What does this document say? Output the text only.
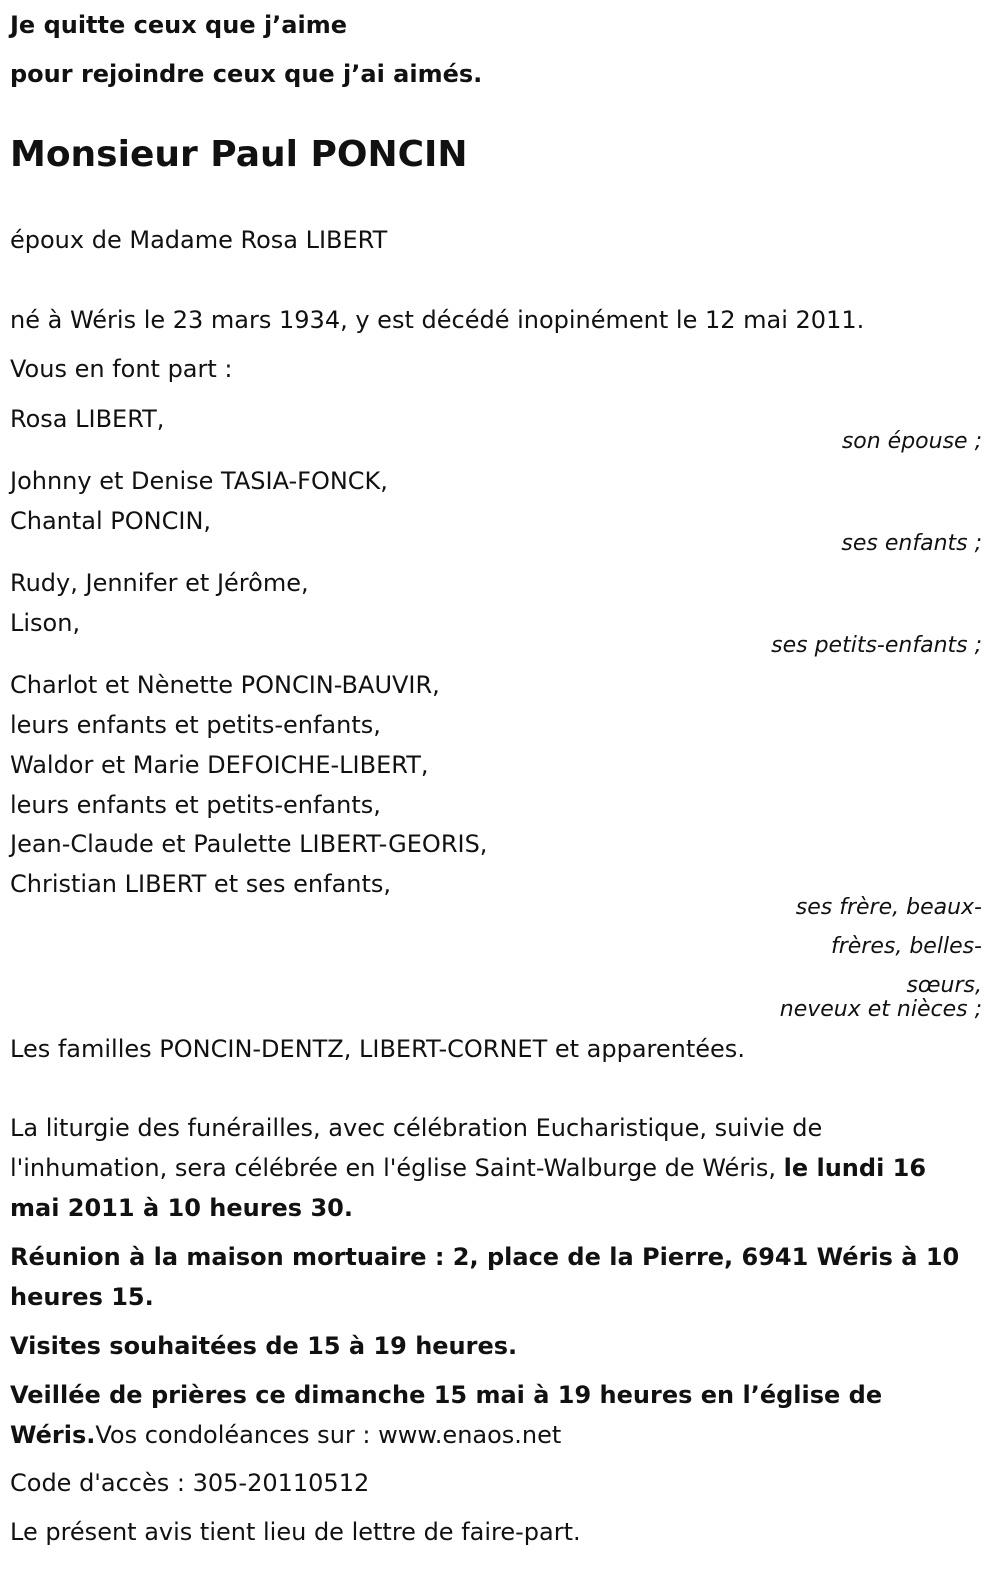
Je quitte ceux que j’aime

pour rejoindre ceux que j’ai aimés.

Monsieur Paul PONCIN

époux de Madame Rosa LIBERT

né à Wéris le 23 mars 1934, y est décédé inopinément le 12 mai 2011.

Vous en font part :

Rosa LIBERT,

son épouse ;

Johnny et Denise TASIA-FONCK,

Chantal PONCIN,

ses enfants ;

Rudy, Jennifer et Jérôme,

Lison,

ses petits-enfants ;

Charlot et Nènette PONCIN-BAUVIR,

leurs enfants et petits-enfants,

Waldor et Marie DEFOICHE-LIBERT,

leurs enfants et petits-enfants,

Jean-Claude et Paulette LIBERT-GEORIS,

Christian LIBERT et ses enfants,

ses frère, beaux-

frères, belles-

sœurs,

neveux et nièces ;

Les familles PONCIN-DENTZ, LIBERT-CORNET et apparentées.

La liturgie des funérailles, avec célébration Eucharistique, suivie de l'inhumation, sera célébrée en l'église Saint-Walburge de Wéris, le lundi 16 mai 2011 à 10 heures 30.

Réunion à la maison mortuaire : 2, place de la Pierre, 6941 Wéris à 10 heures 15.

Visites souhaitées de 15 à 19 heures.

Veillée de prières ce dimanche 15 mai à 19 heures en l’église de Wéris.Vos condoléances sur : www.enaos.net

Code d'accès : 305-20110512

Le présent avis tient lieu de lettre de faire-part.
